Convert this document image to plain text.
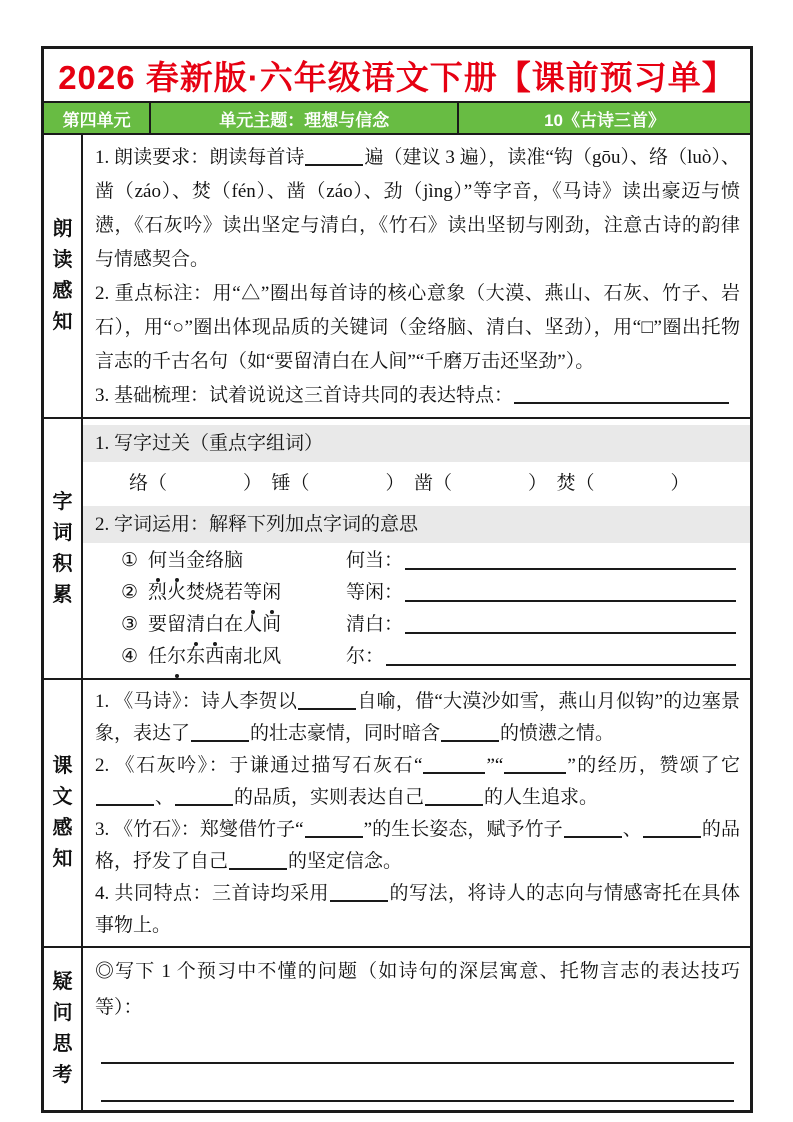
2026 春新版·六年级语文下册【课前预习单】
第四单元	单元主题：理想与信念	10《古诗三首》
朗读感知
1. 朗读要求：朗读每首诗	遍（建议 3 遍），读准“钩（gōu）、络（luò）、凿（záo）、焚（fén）、凿（záo）、劲（jìng）”等字音，《马诗》读出豪迈与愤懑，《石灰吟》读出坚定与清白，《竹石》读出坚韧与刚劲，注意古诗的韵律与情感契合。
2. 重点标注：用“△”圈出每首诗的核心意象（大漠、燕山、石灰、竹子、岩石），用“○”圈出体现品质的关键词（金络脑、清白、坚劲），用“□”圈出托物言志的千古名句（如“要留清白在人间”“千磨万击还坚劲”）。
3. 基础梳理：试着说说这三首诗共同的表达特点：
字词积累
1. 写字过关（重点字组词）
络（　　　　）　锤（　　　　）　凿（　　　　）　焚（　　　　）
2. 字词运用：解释下列加点字词的意思
① 何当金络脑	何当：
② 烈火焚烧若等闲	等闲：
③ 要留清白在人间	清白：
④ 任尔东西南北风	尔：
课文感知
1. 《马诗》：诗人李贺以	自喻，借“大漠沙如雪，燕山月似钩”的边塞景象，表达了	的壮志豪情，同时暗含	的愤懑之情。
2. 《石灰吟》：于谦通过描写石灰石“	”“	”的经历，赞颂了它、	的品质，实则表达自己	的人生追求。
3. 《竹石》：郑燮借竹子“	”的生长姿态，赋予竹子	、	的品格，抒发了自己	的坚定信念。
4. 共同特点：三首诗均采用	的写法，将诗人的志向与情感寄托在具体事物上。
疑问思考
◎写下 1 个预习中不懂的问题（如诗句的深层寓意、托物言志的表达技巧等）：
